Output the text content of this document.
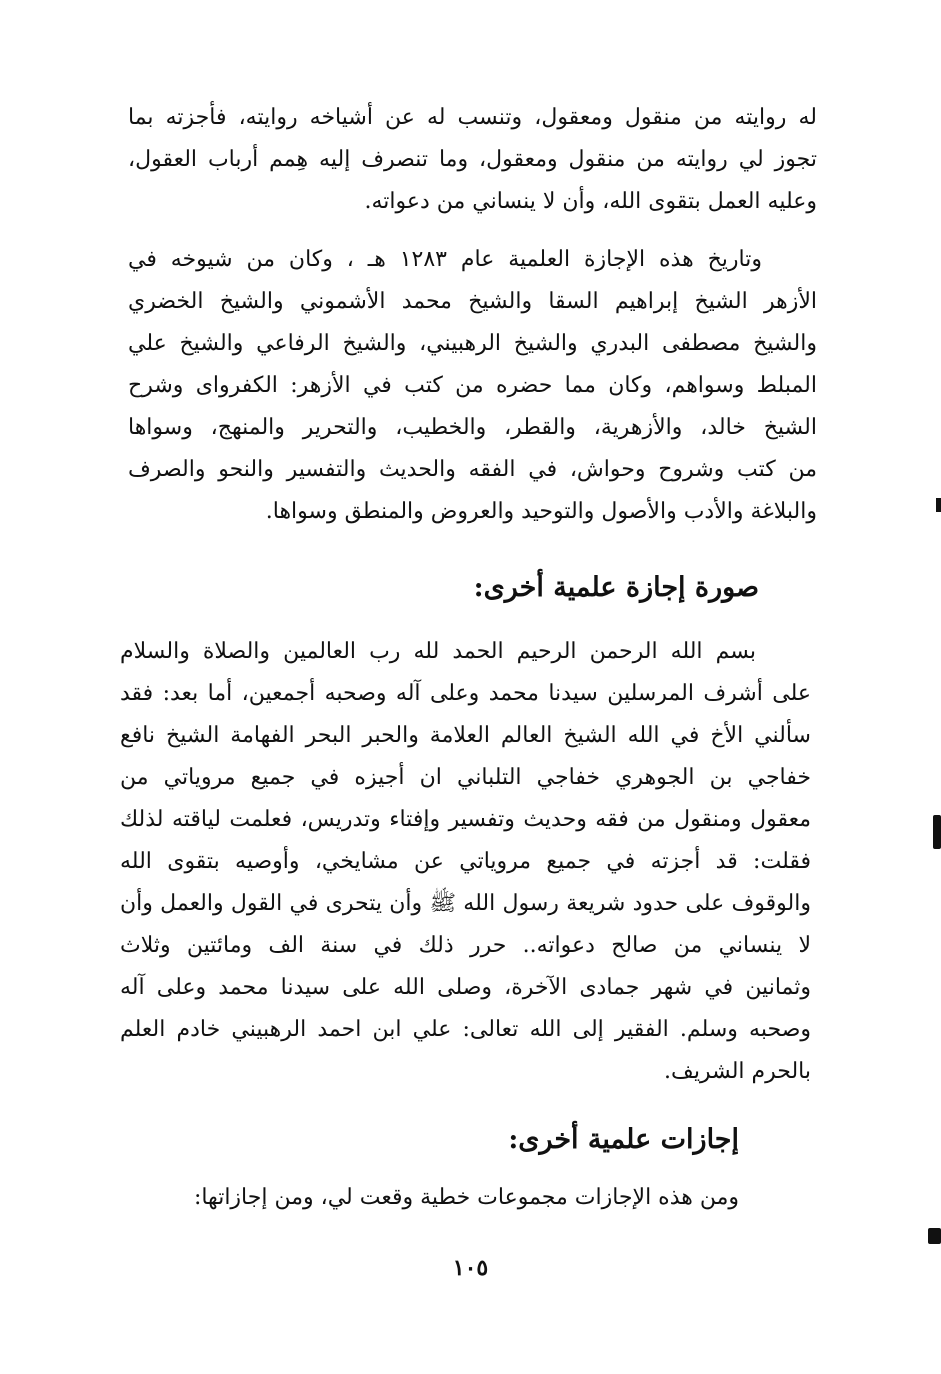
له روايته من منقول ومعقول، وتنسب له عن أشياخه روايته، فأجزته بما
تجوز لي روايته من منقول ومعقول، وما تنصرف إليه هِمم أرباب العقول،
وعليه العمل بتقوى الله، وأن لا ينساني من دعواته.
وتاريخ هذه الإجازة العلمية عام ١٢٨٣ هـ ، وكان من شيوخه في
الأزهر الشيخ إبراهيم السقا والشيخ محمد الأشموني والشيخ الخضري
والشيخ مصطفى البدري والشيخ الرهبيني، والشيخ الرفاعي والشيخ علي
المبلط وسواهم، وكان مما حضره من كتب في الأزهر: الكفروای وشرح
الشيخ خالد، والأزهرية، والقطر، والخطيب، والتحرير والمنهج، وسواها
من كتب وشروح وحواش، في الفقه والحديث والتفسير والنحو والصرف
والبلاغة والأدب والأصول والتوحيد والعروض والمنطق وسواها.
صورة إجازة علمية أخرى:
بسم الله الرحمن الرحيم الحمد لله رب العالمين والصلاة والسلام
على أشرف المرسلين سيدنا محمد وعلى آله وصحبه أجمعين، أما بعد: فقد
سألني الأخ في الله الشيخ العالم العلامة والحبر البحر الفهامة الشيخ نافع
خفاجي بن الجوهري خفاجي التلباني ان أجيزه في جميع مروياتي من
معقول ومنقول من فقه وحديث وتفسير وإفتاء وتدريس، فعلمت لياقته لذلك
فقلت: قد أجزته في جميع مروياتي عن مشايخي، وأوصيه بتقوى الله
والوقوف على حدود شريعة رسول الله ﷺ وأن يتحرى في القول والعمل وأن
لا ينساني من صالح دعواته.. حرر ذلك في سنة الف ومائتين وثلاث
وثمانين في شهر جمادى الآخرة، وصلى الله على سيدنا محمد وعلى آله
وصحبه وسلم. الفقير إلى الله تعالى: علي ابن احمد الرهبيني خادم العلم
بالحرم الشريف.
إجازات علمية أخرى:
ومن هذه الإجازات مجموعات خطية وقعت لي، ومن إجازاتها:
١٠٥
